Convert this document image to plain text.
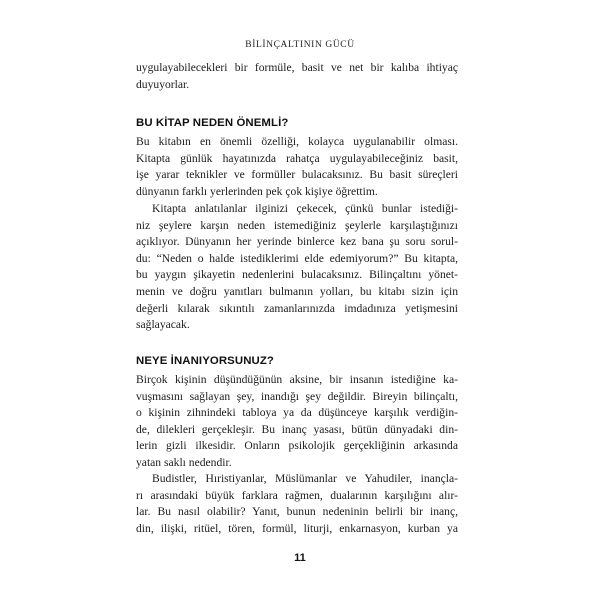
BİLİNÇALTININ GÜCÜ

uygulayabilecekleri bir formüle, basit ve net bir kalıba ihtiyaç

duyuyorlar.

BU KİTAP NEDEN ÖNEMLİ?

Bu kitabın en önemli özelliği, kolayca uygulanabilir olması.

Kitapta günlük hayatınızda rahatça uygulayabileceğiniz basit,

işe yarar teknikler ve formüller bulacaksınız. Bu basit süreçleri

dünyanın farklı yerlerinden pek çok kişiye öğrettim.

Kitapta anlatılanlar ilginizi çekecek, çünkü bunlar istediği-

niz şeylere karşın neden istemediğiniz şeylerle karşılaştığınızı

açıklıyor. Dünyanın her yerinde binlerce kez bana şu soru sorul-

du: “Neden o halde istediklerimi elde edemiyorum?” Bu kitapta,

bu yaygın şikayetin nedenlerini bulacaksınız. Bilinçaltını yönet-

menin ve doğru yanıtları bulmanın yolları, bu kitabı sizin için

değerli kılarak sıkıntılı zamanlarınızda imdadınıza yetişmesini

sağlayacak.

NEYE İNANIYORSUNUZ?

Birçok kişinin düşündüğünün aksine, bir insanın istediğine ka-

vuşmasını sağlayan şey, inandığı şey değildir. Bireyin bilinçaltı,

o kişinin zihnindeki tabloya ya da düşünceye karşılık verdiğin-

de, dilekleri gerçekleşir. Bu inanç yasası, bütün dünyadaki din-

lerin gizli ilkesidir. Onların psikolojik gerçekliğinin arkasında

yatan saklı nedendir.

Budistler, Hıristiyanlar, Müslümanlar ve Yahudiler, inançla-

rı arasındaki büyük farklara rağmen, dualarının karşılığını alır-

lar. Bu nasıl olabilir? Yanıt, bunun nedeninin belirli bir inanç,

din, ilişki, ritüel, tören, formül, liturji, enkarnasyon, kurban ya

11
